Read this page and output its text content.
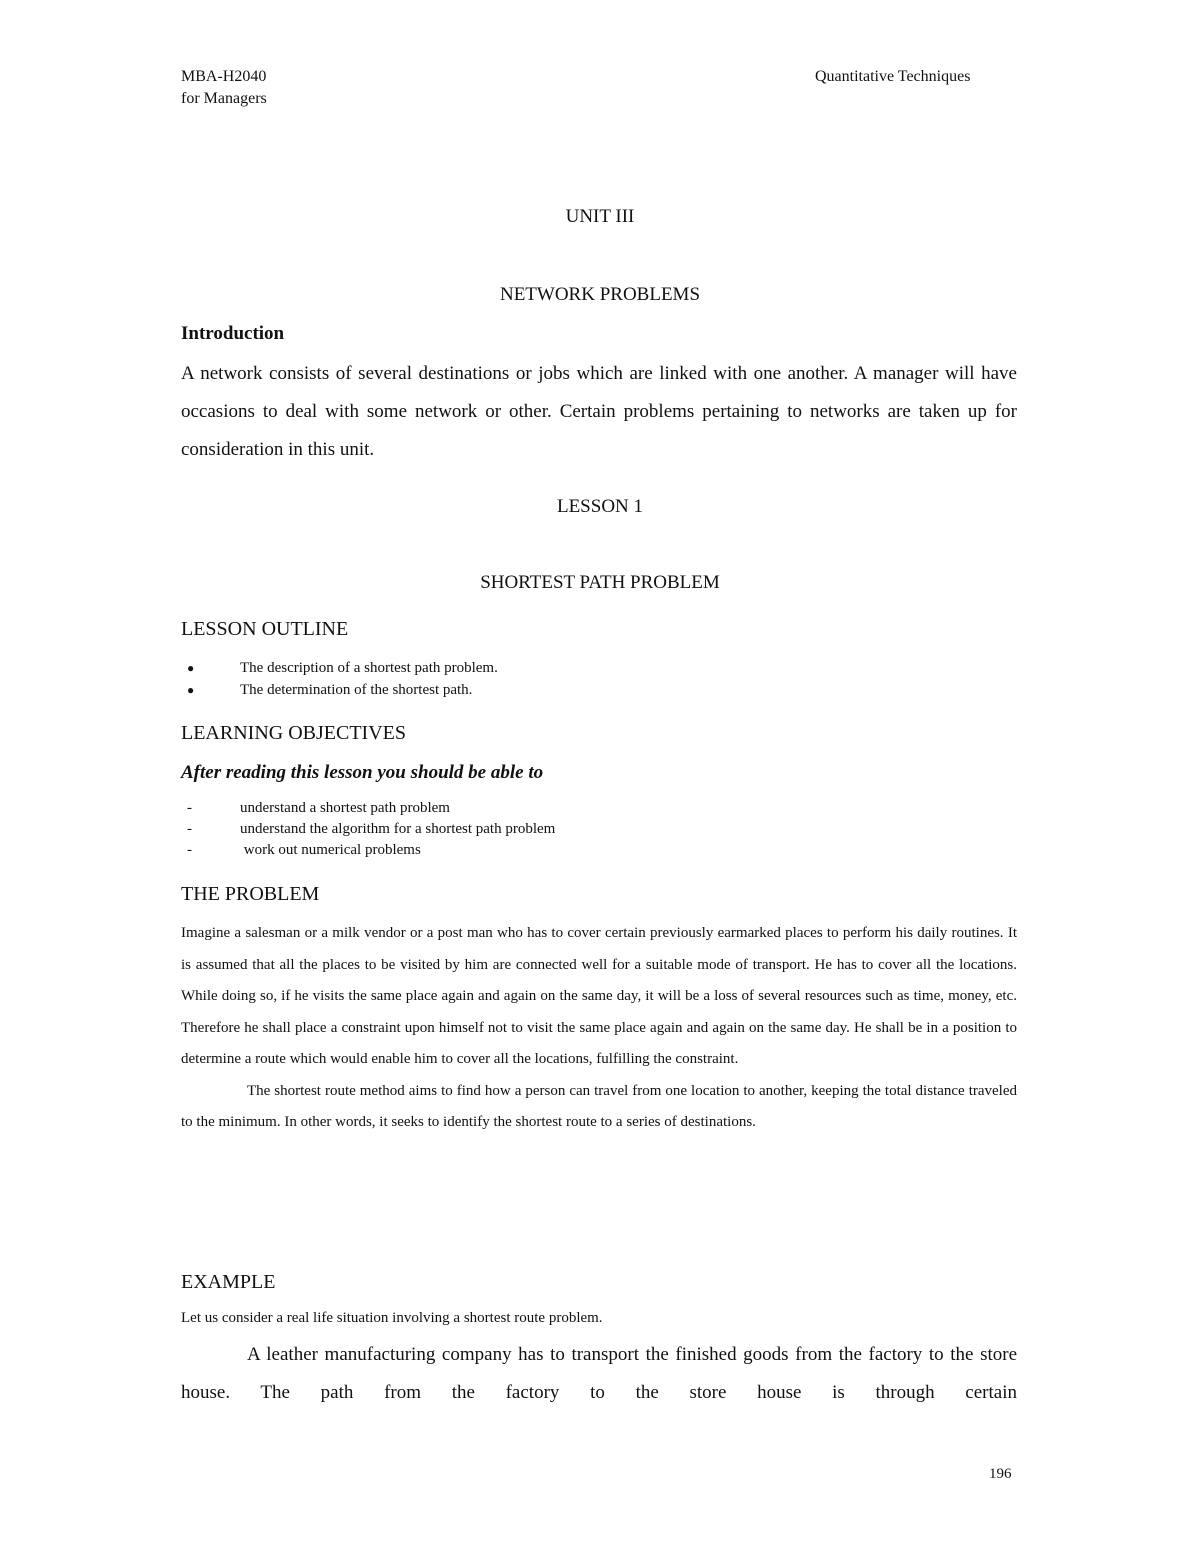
MBA-H2040
for Managers
Quantitative Techniques
UNIT III
NETWORK PROBLEMS
Introduction

A network consists of several destinations or jobs which are linked with one another. A manager will have occasions to deal with some network or other. Certain problems pertaining to networks are taken up for consideration in this unit.

LESSON 1
SHORTEST PATH PROBLEM
LESSON OUTLINE
●	The description of a shortest path problem.
●	The determination of the shortest path.
LEARNING OBJECTIVES
After reading this lesson you should be able to
-	understand a shortest path problem
-	understand the algorithm for a shortest path problem
-	work out numerical problems
THE PROBLEM

Imagine a salesman or a milk vendor or a post man who has to cover certain previously earmarked places to perform his daily routines. It is assumed that all the places to be visited by him are connected well for a suitable mode of transport. He has to cover all the locations. While doing so, if he visits the same place again and again on the same day, it will be a loss of several resources such as time, money, etc. Therefore he shall place a constraint upon himself not to visit the same place again and again on the same day. He shall be in a position to determine a route which would enable him to cover all the locations, fulfilling the constraint.

The shortest route method aims to find how a person can travel from one location to another, keeping the total distance traveled to the minimum. In other words, it seeks to identify the shortest route to a series of destinations.

EXAMPLE
Let us consider a real life situation involving a shortest route problem.

A leather manufacturing company has to transport the finished goods from the factory to the store house. The path from the factory to the store house is through certain

196
